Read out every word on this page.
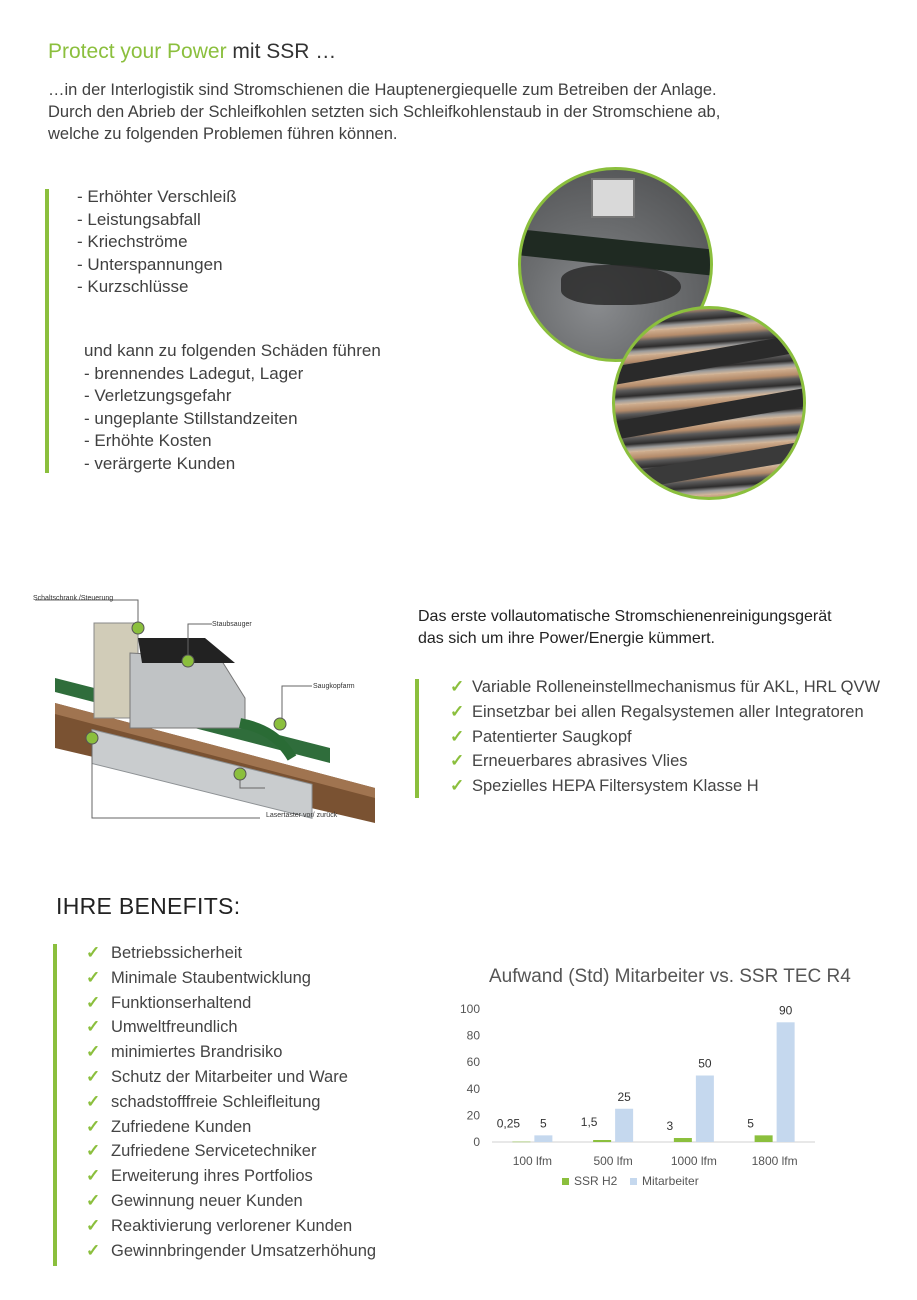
Protect your Power mit SSR …
…in der Interlogistik sind Stromschienen die Hauptenergiequelle zum Betreiben der Anlage.
Durch den Abrieb der Schleifkohlen setzten sich Schleifkohlenstaub in der Stromschiene ab,
welche zu folgenden Problemen führen können.
- Erhöhter Verschleiß
- Leistungsabfall
- Kriechströme
- Unterspannungen
- Kurzschlüsse
und kann zu folgenden Schäden führen
- brennendes Ladegut, Lager
- Verletzungsgefahr
- ungeplante Stillstandzeiten
- Erhöhte Kosten
- verärgerte Kunden
Schaltschrank /Steuerung
Staubsauger
Saugkopfarm
Lasertaster vor/ zurück
Das erste vollautomatische Stromschienenreinigungsgerät
das sich um ihre Power/Energie kümmert.
✓ Variable Rolleneinstellmechanismus für AKL, HRL QVW
✓ Einsetzbar bei allen Regalsystemen aller Integratoren
✓ Patentierter Saugkopf
✓ Erneuerbares abrasives Vlies
✓ Spezielles HEPA Filtersystem Klasse H
IHRE BENEFITS:
✓ Betriebssicherheit
✓ Minimale Staubentwicklung
✓ Funktionserhaltend
✓ Umweltfreundlich
✓ minimiertes Brandrisiko
✓ Schutz der Mitarbeiter und Ware
✓ schadstofffreie Schleifleitung
✓ Zufriedene Kunden
✓ Zufriedene Servicetechniker
✓ Erweiterung ihres Portfolios
✓ Gewinnung neuer Kunden
✓ Reaktivierung verlorener Kunden
✓ Gewinnbringender Umsatzerhöhung
Aufwand (Std) Mitarbeiter vs. SSR TEC R4
0
20
40
60
80
100
100 lfm
0,25 5
500 lfm
1,5
25
1000 lfm
3
50
1800 lfm
5
90
SSR H2 Mitarbeiter
